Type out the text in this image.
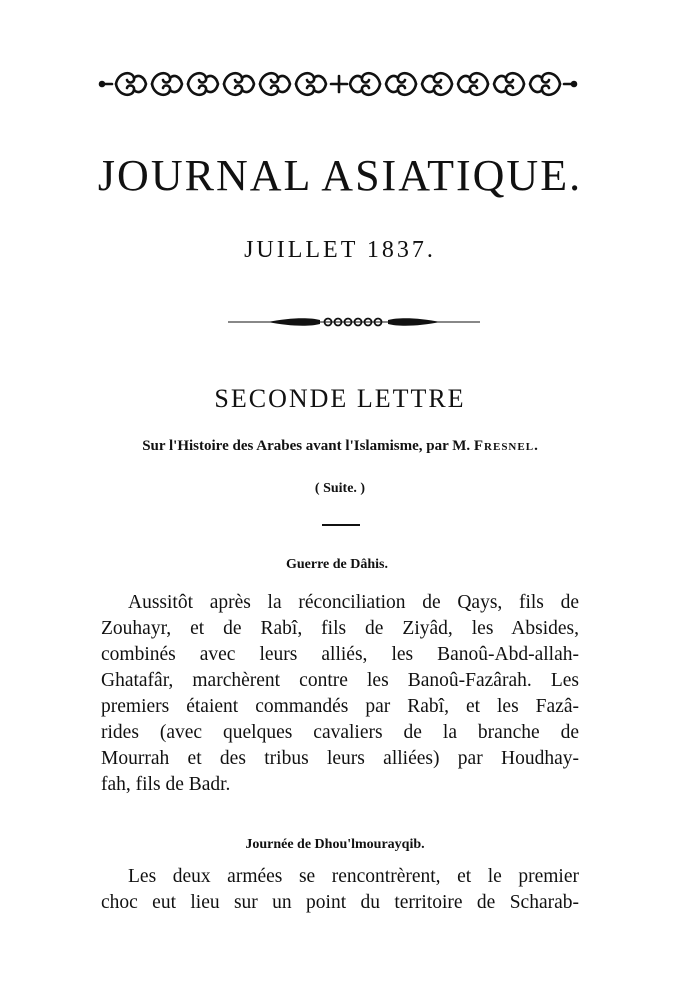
JOURNAL ASIATIQUE.
JUILLET 1837.
SECONDE LETTRE
Sur l'Histoire des Arabes avant l'Islamisme, par M. Fresnel.
( Suite. )
Guerre de Dâhis.

Aussitôt après la réconciliation de Qays, fils de
Zouhayr, et de Rabî, fils de Ziyâd, les Absides,
combinés avec leurs alliés, les Banoû-Abd-allah-
Ghatafâr, marchèrent contre les Banoû-Fazârah. Les
premiers étaient commandés par Rabî, et les Fazâ-
rides (avec quelques cavaliers de la branche de
Mourrah et des tribus leurs alliées) par Houdhay-
fah, fils de Badr.

Journée de Dhou'lmourayqib.

Les deux armées se rencontrèrent, et le premier
choc eut lieu sur un point du territoire de Scharab-
